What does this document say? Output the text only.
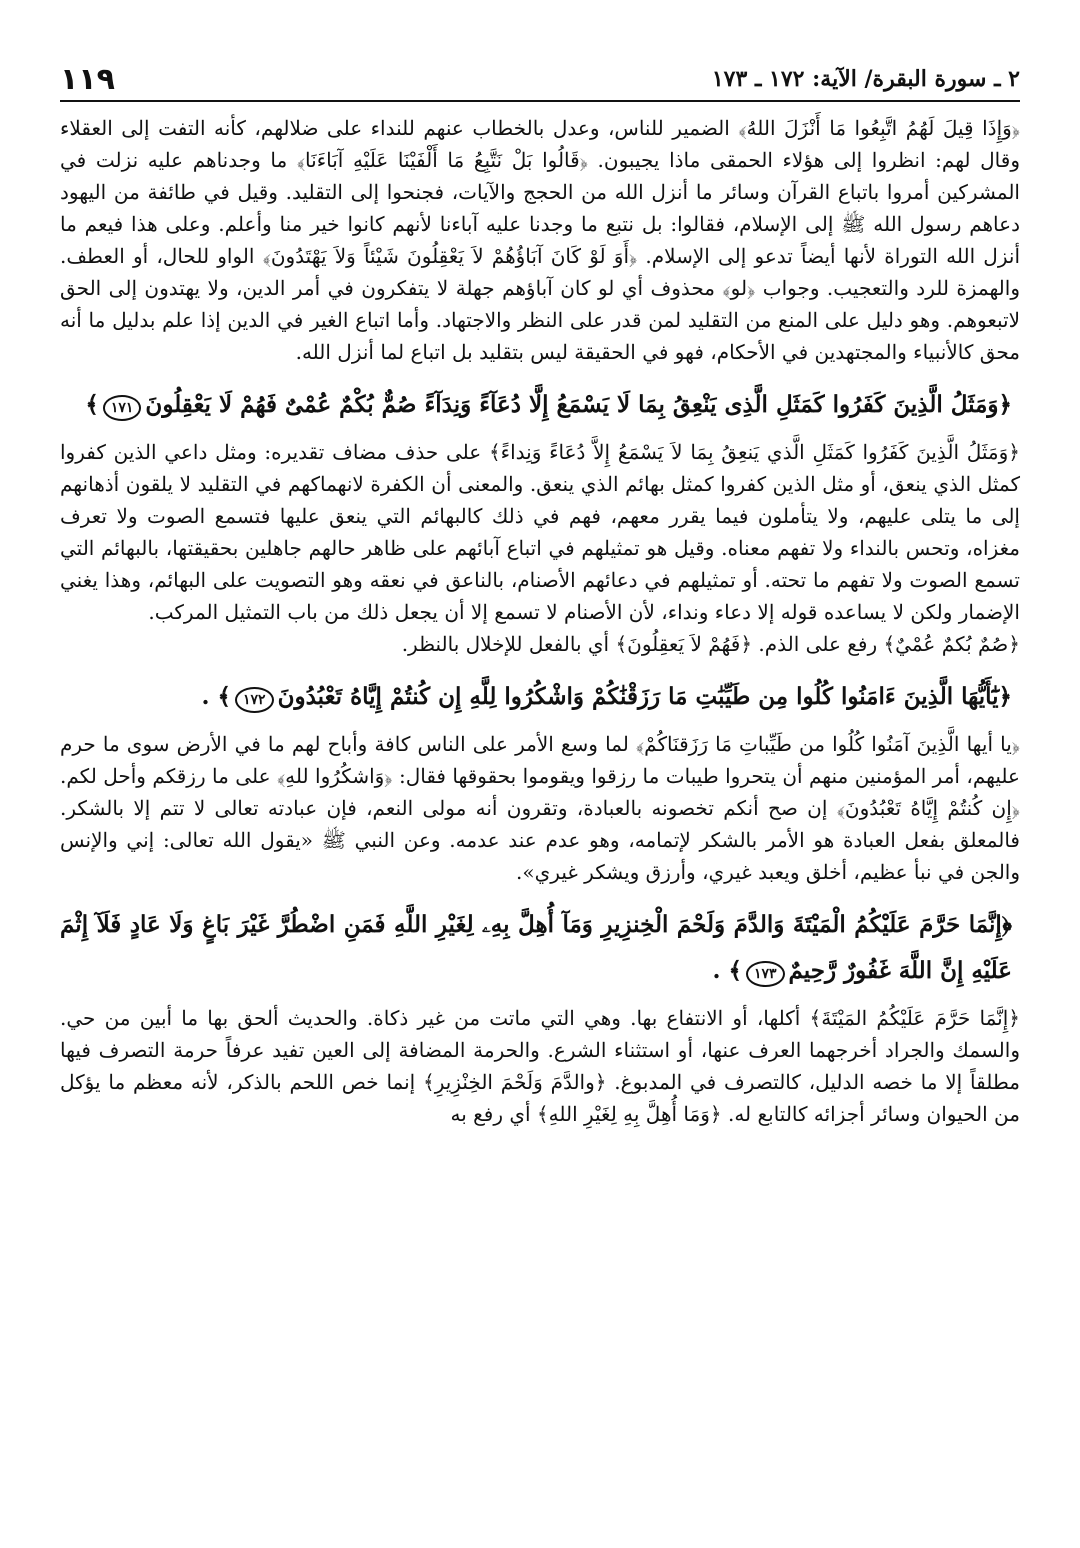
١١٩	٢ ـ سورة البقرة/ الآية: ١٧٢ ـ ١٧٣

﴿وَإِذَا قِيلَ لَهُمُ اتَّبِعُوا مَا أَنْزَلَ اللهُ﴾ الضمير للناس، وعدل بالخطاب عنهم للنداء على ضلالهم، كأنه التفت إلى العقلاء وقال لهم: انظروا إلى هؤلاء الحمقى ماذا يجيبون. ﴿قَالُوا بَلْ نَتَّبِعُ مَا أَلْفَيْنَا عَلَيْهِ آبَاءَنَا﴾ ما وجدناهم عليه نزلت في المشركين أمروا باتباع القرآن وسائر ما أنزل الله من الحجج والآيات، فجنحوا إلى التقليد. وقيل في طائفة من اليهود دعاهم رسول الله ﷺ إلى الإسلام، فقالوا: بل نتبع ما وجدنا عليه آباءنا لأنهم كانوا خير منا وأعلم. وعلى هذا فيعم ما أنزل الله التوراة لأنها أيضاً تدعو إلى الإسلام. ﴿أَوَ لَوْ كَانَ آبَاؤُهُمْ لاَ يَعْقِلُونَ شَيْئاً وَلاَ يَهْتَدُونَ﴾ الواو للحال، أو العطف. والهمزة للرد والتعجيب. وجواب ﴿لو﴾ محذوف أي لو كان آباؤهم جهلة لا يتفكرون في أمر الدين، ولا يهتدون إلى الحق لاتبعوهم. وهو دليل على المنع من التقليد لمن قدر على النظر والاجتهاد. وأما اتباع الغير في الدين إذا علم بدليل ما أنه محق كالأنبياء والمجتهدين في الأحكام، فهو في الحقيقة ليس بتقليد بل اتباع لما أنزل الله.

﴿وَمَثَلُ الَّذِينَ كَفَرُوا كَمَثَلِ الَّذِى يَنْعِقُ بِمَا لَا يَسْمَعُ إِلَّا دُعَآءً وَنِدَآءً صُمٌّ بُكْمٌ عُمْىٌ فَهُمْ لَا يَعْقِلُونَ١٧١﴾

﴿وَمَثَلُ الَّذِينَ كَفَرُوا كَمَثَلِ الَّذي يَنعِقُ بِمَا لاَ يَسْمَعُ إِلاَّ دُعَاءً وَنِداءً﴾ على حذف مضاف تقديره: ومثل داعي الذين كفروا كمثل الذي ينعق، أو مثل الذين كفروا كمثل بهائم الذي ينعق. والمعنى أن الكفرة لانهماكهم في التقليد لا يلقون أذهانهم إلى ما يتلى عليهم، ولا يتأملون فيما يقرر معهم، فهم في ذلك كالبهائم التي ينعق عليها فتسمع الصوت ولا تعرف مغزاه، وتحس بالنداء ولا تفهم معناه. وقيل هو تمثيلهم في اتباع آبائهم على ظاهر حالهم جاهلين بحقيقتها، بالبهائم التي تسمع الصوت ولا تفهم ما تحته. أو تمثيلهم في دعائهم الأصنام، بالناعق في نعقه وهو التصويت على البهائم، وهذا يغني الإضمار ولكن لا يساعده قوله إلا دعاء ونداء، لأن الأصنام لا تسمع إلا أن يجعل ذلك من باب التمثيل المركب.

﴿صُمٌ بُكمٌ عُمْيٌ﴾ رفع على الذم. ﴿فَهُمْ لاَ يَعقِلُونَ﴾ أي بالفعل للإخلال بالنظر.

﴿يَٰٓأَيُّهَا الَّذِينَ ءَامَنُوا كُلُوا مِن طَيِّبَٰتِ مَا رَزَقْنَٰكُمْ وَاشْكُرُوا لِلَّهِ إِن كُنتُمْ إِيَّاهُ تَعْبُدُونَ١٧٢﴾ .

﴿يا أيها الَّذِينَ آمَنُوا كُلُوا من طَيِّباتِ مَا رَزَقنَاكُمْ﴾ لما وسع الأمر على الناس كافة وأباح لهم ما في الأرض سوى ما حرم عليهم، أمر المؤمنين منهم أن يتحروا طيبات ما رزقوا ويقوموا بحقوقها فقال: ﴿وَاشكُرُوا للهِ﴾ على ما رزقكم وأحل لكم. ﴿إِن كُنتُمْ إِيَّاهُ تَعْبُدُونَ﴾ إن صح أنكم تخصونه بالعبادة، وتقرون أنه مولى النعم، فإن عبادته تعالى لا تتم إلا بالشكر. فالمعلق بفعل العبادة هو الأمر بالشكر لإتمامه، وهو عدم عند عدمه. وعن النبي ﷺ «يقول الله تعالى: إني والإنس والجن في نبأ عظيم، أخلق ويعبد غيري، وأرزق ويشكر غيري».

﴿إِنَّمَا حَرَّمَ عَلَيْكُمُ الْمَيْتَةَ وَالدَّمَ وَلَحْمَ الْخِنزِيرِ وَمَآ أُهِلَّ بِهِۦ لِغَيْرِ اللَّهِ فَمَنِ اضْطُرَّ غَيْرَ بَاغٍ وَلَا عَادٍ فَلَآ إِثْمَ عَلَيْهِ إِنَّ اللَّهَ غَفُورٌ رَّحِيمٌ١٧٣﴾ .

﴿إِنَّمَا حَرَّمَ عَلَيْكُمُ المَيْتَةَ﴾ أكلها، أو الانتفاع بها. وهي التي ماتت من غير ذكاة. والحديث ألحق بها ما أبين من حي. والسمك والجراد أخرجهما العرف عنها، أو استثناء الشرع. والحرمة المضافة إلى العين تفيد عرفاً حرمة التصرف فيها مطلقاً إلا ما خصه الدليل، كالتصرف في المدبوغ. ﴿والدَّمَ وَلَحْمَ الخِنْزِيرِ﴾ إنما خص اللحم بالذكر، لأنه معظم ما يؤكل من الحيوان وسائر أجزائه كالتابع له. ﴿وَمَا أُهِلَّ بِهِ لِغَيْرِ اللهِ﴾ أي رفع به
